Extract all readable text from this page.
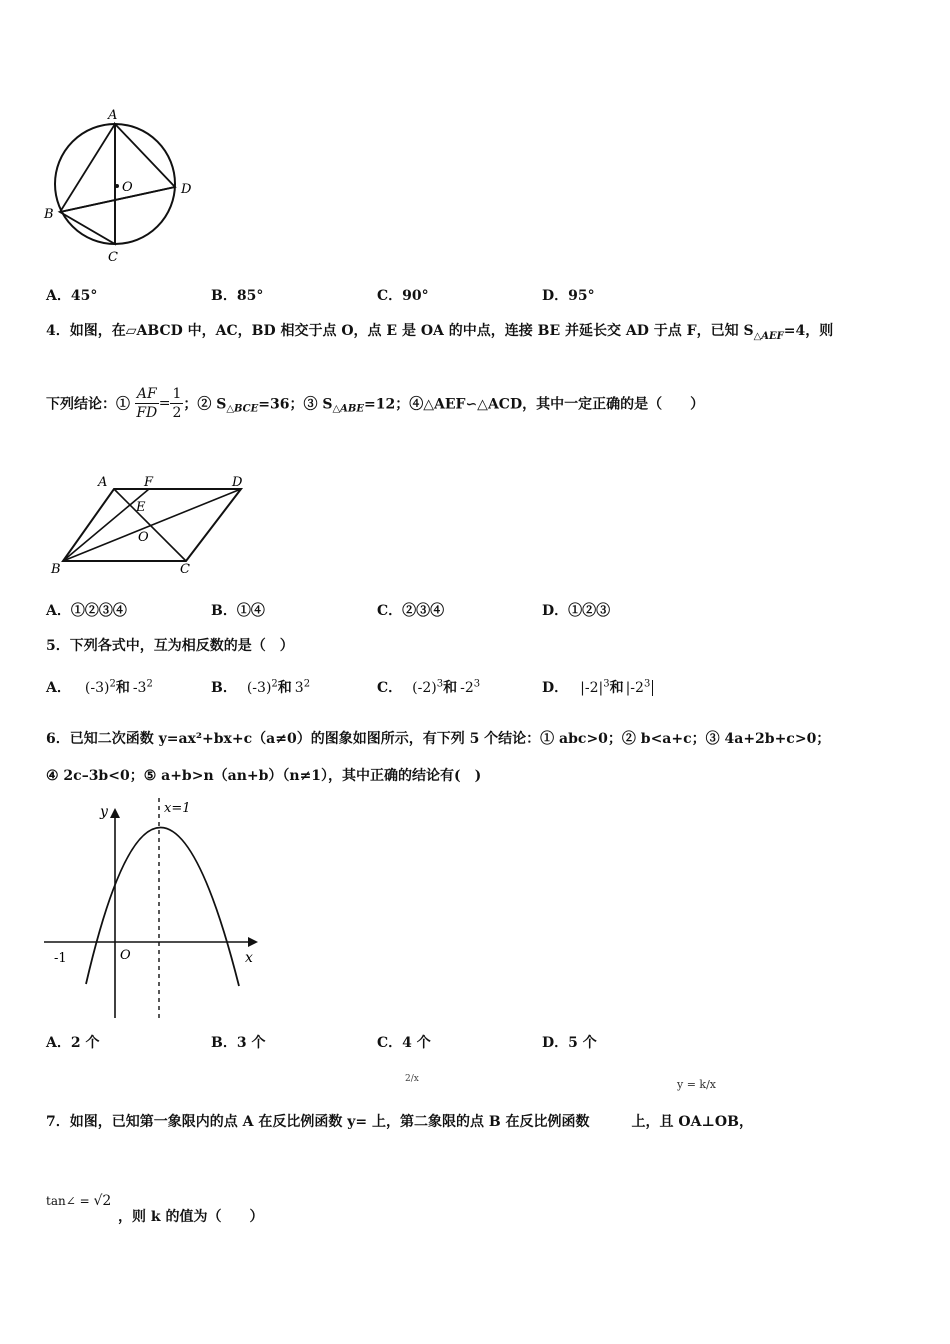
A
O	D
B
C
A．45°	B．85°	C．90°	D．95°
4．如图，在▱ABCD 中，AC，BD 相交于点 O，点 E 是 OA 的中点，连接 BE 并延长交 AD 于点 F，已知 $S_{\triangle AEF}=4$，则
下列结论：① $\frac{AF}{FD} = \frac{1}{2}$ ；② $S_{\triangle BCE}=36$；③ $S_{\triangle ABE}=12$；④△AEF∽△ACD，其中一定正确的是（　　）
A	F	D
E
O
B	C
A．①②③④	B．①④	C．②③④	D．①②③
5．下列各式中，互为相反数的是（　）
A． $(-3)^2$和 $-3^2$	B． $(-3)^2$和 $3^2$	C． $(-2)^3$和 $-2^3$	D． $|-2|^3$和 $|-2^3$
6．已知二次函数 y=ax²+bx+c（a≠0）的图象如图所示，有下列 5 个结论：① abc>0；② b<a+c；③ 4a+2b+c>0；
④ 2c–3b<0；⑤ a+b>n（an+b）（n≠1），其中正确的结论有(　)
y	x=1
-1	O	x
A．2 个	B．3 个	C．4 个	D．5 个
2/x	y = k/x
7．如图，已知第一象限内的点 A 在反比例函数 y= 上，第二象限的点 B 在反比例函数　　　上，且 OA⊥OB，
tan∠ = √2
，则 k 的值为（　　）
